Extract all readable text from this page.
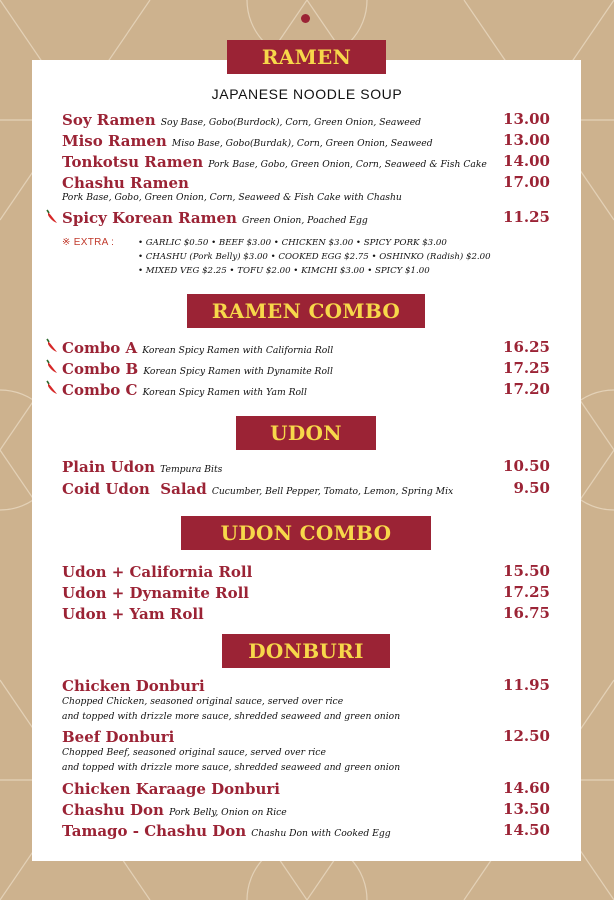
RAMEN
JAPANESE NOODLE SOUP
Soy Ramen Soy Base, Gobo(Burdock), Corn, Green Onion, Seaweed	13.00
Miso Ramen Miso Base, Gobo(Burdak), Corn, Green Onion, Seaweed	13.00
Tonkotsu Ramen Pork Base, Gobo, Green Onion, Corn, Seaweed & Fish Cake 14.00
Chashu Ramen	17.00
Pork Base, Gobo, Green Onion, Corn, Seaweed & Fish Cake with Chashu
Spicy Korean Ramen Green Onion, Poached Egg	11.25
※ EXTRA :	• GARLIC $0.50 • BEEF $3.00 • CHICKEN $3.00 • SPICY PORK $3.00
• CHASHU (Pork Belly) $3.00 • COOKED EGG $2.75 • OSHINKO (Radish) $2.00
• MIXED VEG $2.25 • TOFU $2.00 • KIMCHI $3.00 • SPICY $1.00
RAMEN COMBO
Combo A Korean Spicy Ramen with California Roll	16.25
Combo B Korean Spicy Ramen with Dynamite Roll	17.25
Combo C Korean Spicy Ramen with Yam Roll	17.20
UDON
Plain Udon Tempura Bits	10.50
Coid Udon  Salad Cucumber, Bell Pepper, Tomato, Lemon, Spring Mix	9.50
UDON COMBO
Udon + California Roll	15.50
Udon + Dynamite Roll	17.25
Udon + Yam Roll	16.75
DONBURI
Chicken Donburi	11.95
Chopped Chicken, seasoned original sauce, served over rice
and topped with drizzle more sauce, shredded seaweed and green onion
Beef Donburi	12.50
Chopped Beef, seasoned original sauce, served over rice
and topped with drizzle more sauce, shredded seaweed and green onion
Chicken Karaage Donburi	14.60
Chashu Don Pork Belly, Onion on Rice	13.50
Tamago - Chashu Don Chashu Don with Cooked Egg	14.50
